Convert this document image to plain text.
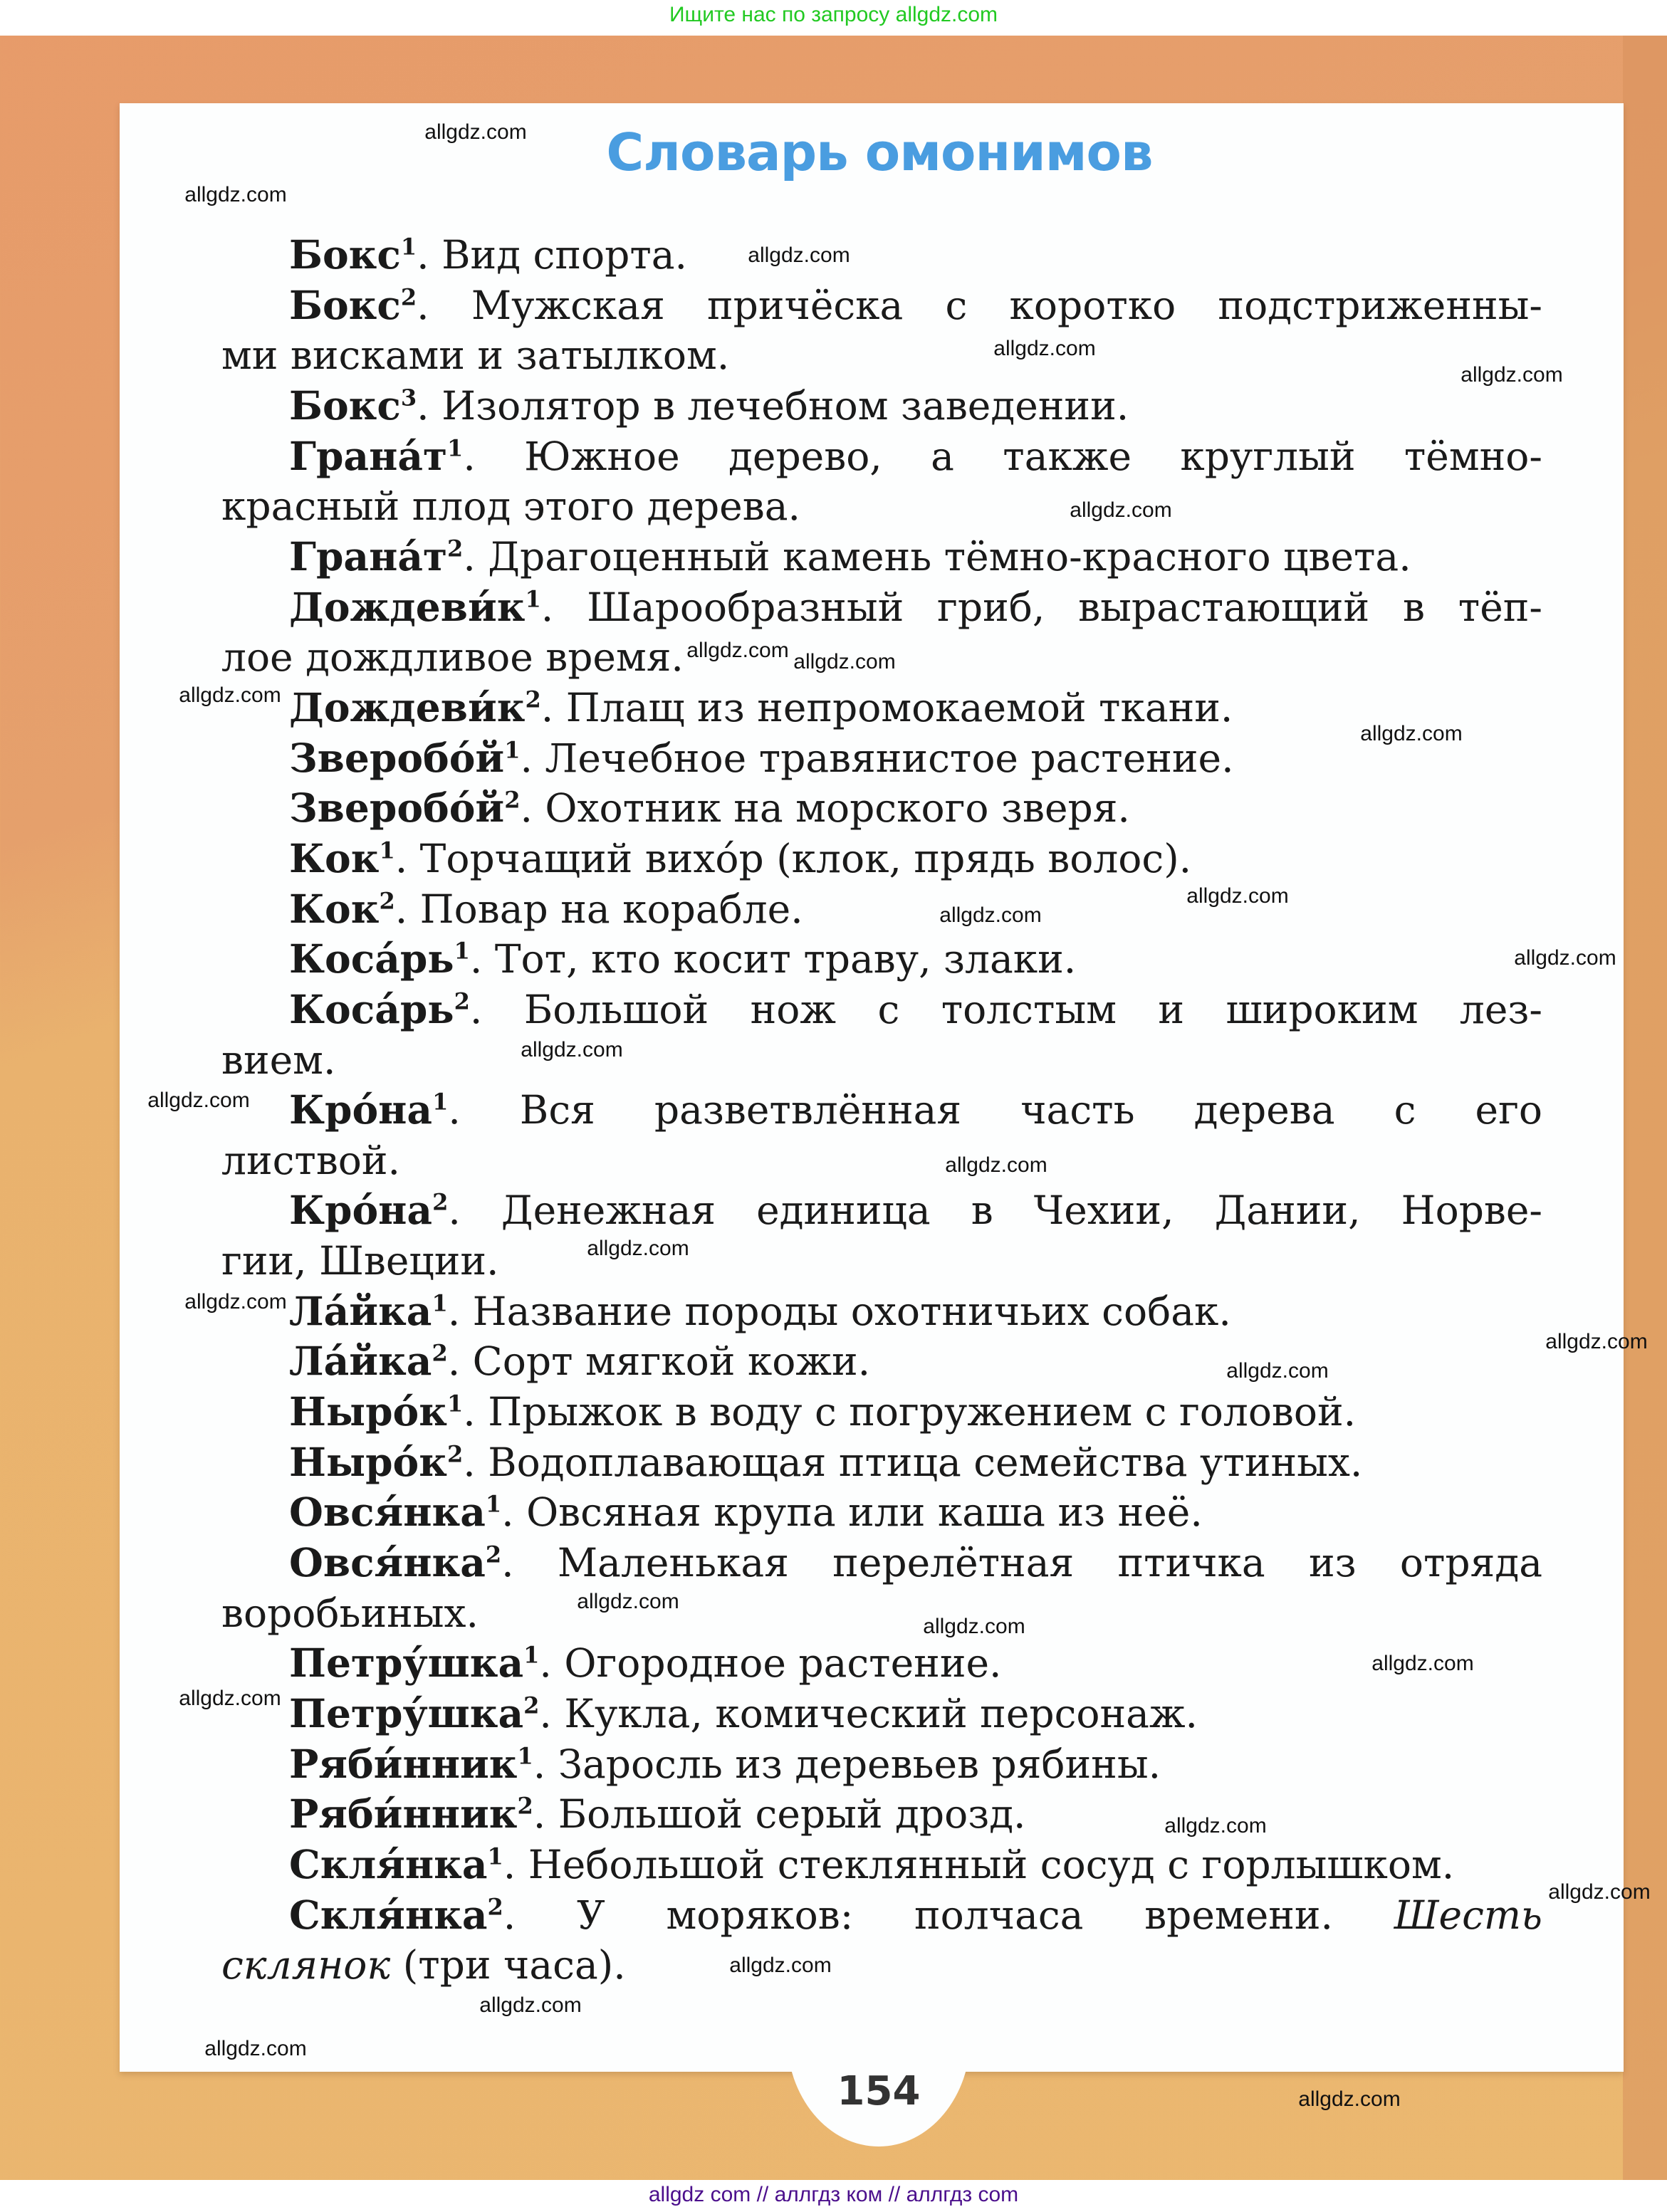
Ищите нас по запросу allgdz.com
154
Словарь омонимов
Бокс$^1$. Вид спорта.
Бокс$^2$. Мужская причёска с коротко подстриженны-
ми висками и затылком.
Бокс$^3$. Изолятор в лечебном заведении.
$Грана́т^1$. Южное дерево, а также круглый тёмно-
красный плод этого дерева.
$Грана́т^2$. Драгоценный камень тёмно-красного цвета.
$Дождеви́к^1$. Шарообразный гриб, вырастающий в тёп-
лое дождливое время.
$Дождеви́к^2$. Плащ из непромокаемой ткани.
$Зверобо́й^1$. Лечебное травянистое растение.
$Зверобо́й^2$. Охотник на морского зверя.
Кок$^1$. Торчащий вихо́р (клок, прядь волос).
Кок$^2$. Повар на корабле.
$Коса́рь^1$. Тот, кто косит траву, злаки.
$Коса́рь^2$. Большой нож с толстым и широким лез-
вием.
$Кро́на^1$. Вся разветвлённая часть дерева с его
листвой.
$Кро́на^2$. Денежная единица в Чехии, Дании, Норве-
гии, Швеции.
Ла́йка$^1$. Название породы охотничьих собак.
Ла́йка$^2$. Сорт мягкой кожи.
$Ныро́к^1$. Прыжок в воду с погружением с головой.
$Ныро́к^2$. Водоплавающая птица семейства утиных.
Овся́нка$^1$. Овсяная крупа или каша из неё.
Овся́нка$^2$. Маленькая перелётная птичка из отряда
воробьиных.
Петру́шка$^1$. Огородное растение.
Петру́шка$^2$. Кукла, комический персонаж.
Ряби́нник$^1$. Заросль из деревьев рябины.
Ряби́нник$^2$. Большой серый дрозд.
Скля́нка$^1$. Небольшой стеклянный сосуд с горлышком.
Скля́нка$^2$. У моряков: полчаса времени. Шесть
склянок (три часа).
allgdz.com
allgdz.com
allgdz.com
allgdz.com
allgdz.com
allgdz.com
allgdz.com allgdz.com
allgdz.com
allgdz.com
allgdz.com
allgdz.com
allgdz.com
allgdz.com
allgdz.com
allgdz.com
allgdz.com
allgdz.com
allgdz.com
allgdz.com
allgdz.com
allgdz.com
allgdz.com
allgdz.com
allgdz.com
allgdz.com
allgdz.com
allgdz.com
allgdz.com
allgdz.com
allgdz com // аллгдз ком // аллгдз com
